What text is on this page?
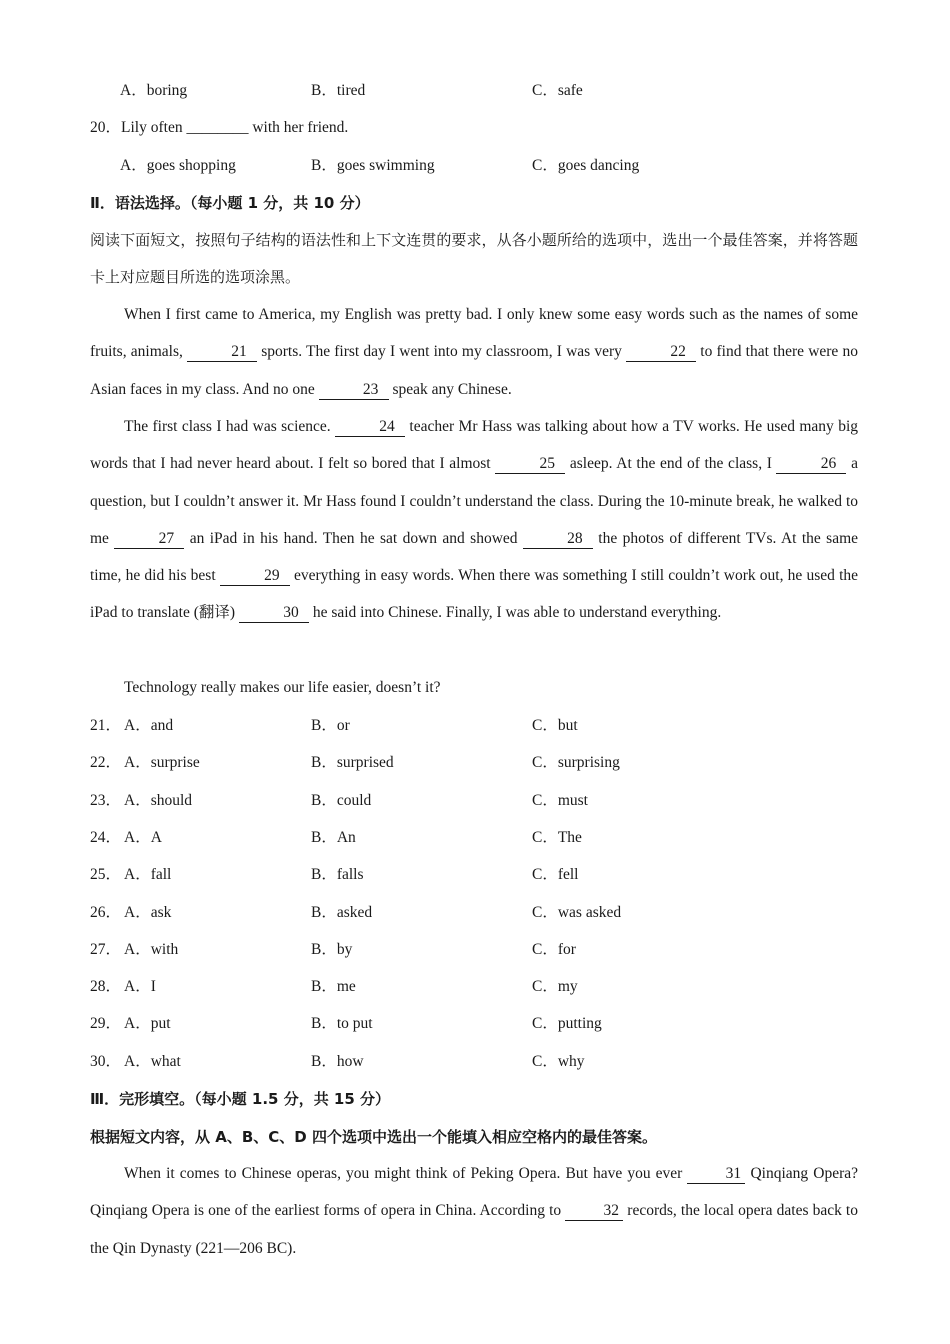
A．boring	B．tired	C．safe
20．Lily often ________ with her friend.
A．goes shopping	B．goes swimming	C．goes dancing
Ⅱ．语法选择。（每小题 1 分，共 10 分）
阅读下面短文，按照句子结构的语法性和上下文连贯的要求，从各小题所给的选项中，选出一个最佳答案，并将答题卡上对应题目所选的选项涂黑。
When I first came to America, my English was pretty bad. I only knew some easy words such as the names of some fruits, animals,	21 sports. The first day I went into my classroom, I was very	22 to find that there were no Asian faces in my class. And no one	23 speak any Chinese.
The first class I had was science.	24 teacher Mr Hass was talking about how a TV works. He used many big words that I had never heard about. I felt so bored that I almost	25 asleep. At the end of the class, I	26 a question, but I couldn’t answer it. Mr Hass found I couldn’t understand the class. During the 10-minute break, he walked to me	27 an iPad in his hand. Then he sat down and showed	28 the photos of different TVs. At the same time, he did his best	29 everything in easy words. When there was something I still couldn’t work out, he used the iPad to translate (翻译)	30 he said into Chinese. Finally, I was able to understand everything.
Technology really makes our life easier, doesn’t it?
21． A．and	B．or	C．but
22． A．surprise	B．surprised	C．surprising
23． A．should	B．could	C．must
24． A．A	B．An	C．The
25． A．fall	B．falls	C．fell
26． A．ask	B．asked	C．was asked
27． A．with	B．by	C．for
28． A．I	B．me	C．my
29． A．put	B．to put	C．putting
30． A．what	B．how	C．why
Ⅲ．完形填空。（每小题 1.5 分，共 15 分）
根据短文内容，从 A、B、C、D 四个选项中选出一个能填入相应空格内的最佳答案。
When it comes to Chinese operas, you might think of Peking Opera. But have you ever 31 Qinqiang Opera? Qinqiang Opera is one of the earliest forms of opera in China. According to 32 records, the local opera dates back to the Qin Dynasty (221—206 BC).
